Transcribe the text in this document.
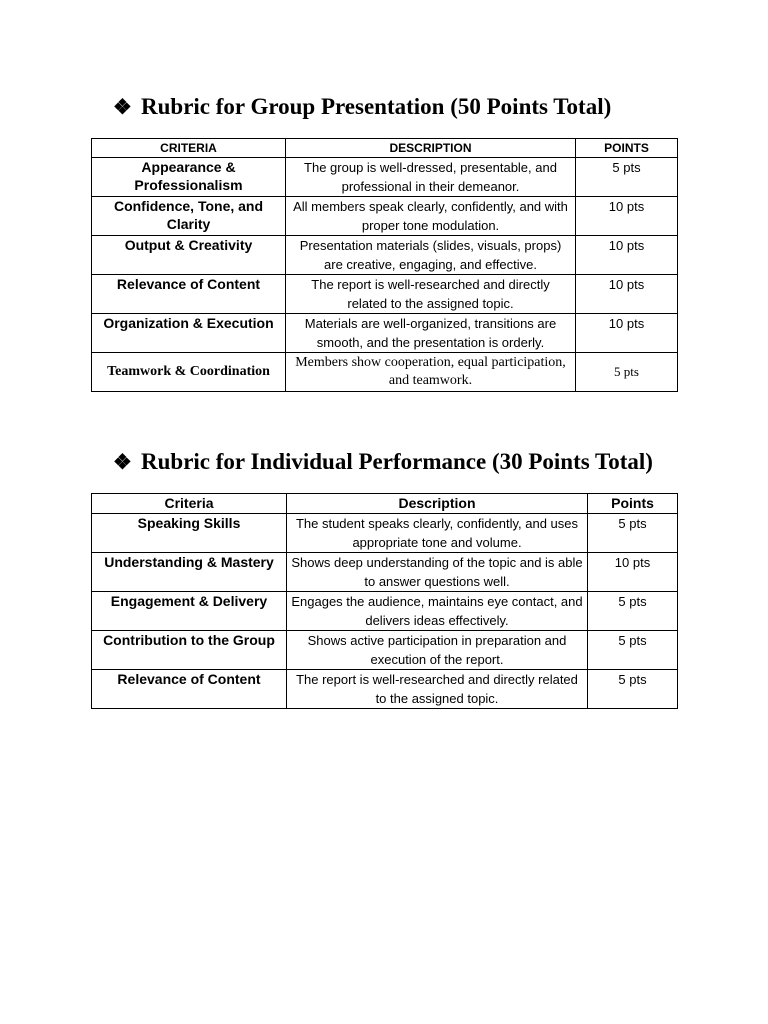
❖ Rubric for Group Presentation (50 Points Total)
CRITERIA	DESCRIPTION	POINTS
Appearance & Professionalism	The group is well-dressed, presentable, and professional in their demeanor.	5 pts
Confidence, Tone, and Clarity	All members speak clearly, confidently, and with proper tone modulation.	10 pts
Output & Creativity	Presentation materials (slides, visuals, props) are creative, engaging, and effective.	10 pts
Relevance of Content	The report is well-researched and directly related to the assigned topic.	10 pts
Organization & Execution	Materials are well-organized, transitions are smooth, and the presentation is orderly.	10 pts
Teamwork & Coordination	Members show cooperation, equal participation, and teamwork.	5 pts
❖ Rubric for Individual Performance (30 Points Total)
Criteria	Description	Points
Speaking Skills	The student speaks clearly, confidently, and uses appropriate tone and volume.	5 pts
Understanding & Mastery	Shows deep understanding of the topic and is able to answer questions well.	10 pts
Engagement & Delivery	Engages the audience, maintains eye contact, and delivers ideas effectively.	5 pts
Contribution to the Group	Shows active participation in preparation and execution of the report.	5 pts
Relevance of Content	The report is well-researched and directly related to the assigned topic.	5 pts
